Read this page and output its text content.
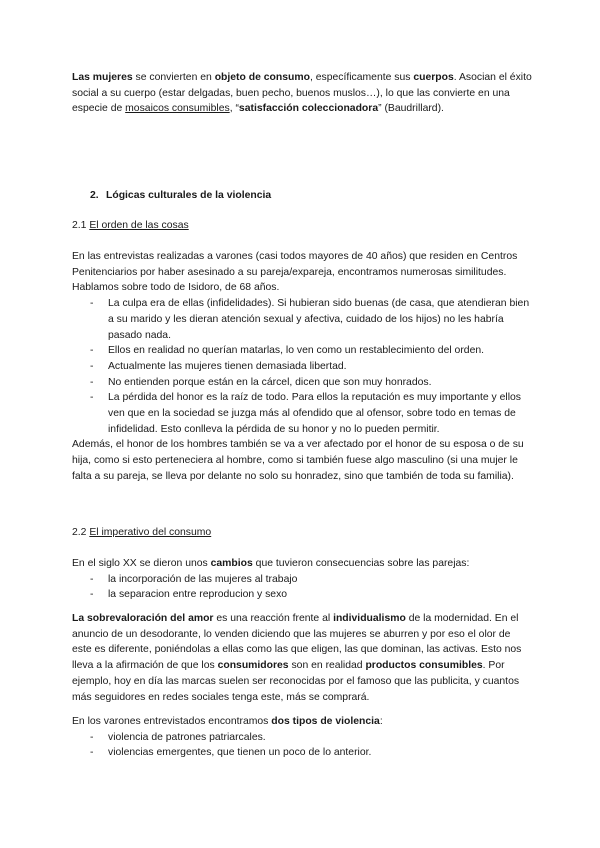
Las mujeres se convierten en objeto de consumo, específicamente sus cuerpos. Asocian el éxito social a su cuerpo (estar delgadas, buen pecho, buenos muslos…), lo que las convierte en una especie de mosaicos consumibles, “satisfacción coleccionadora” (Baudrillard).

2. Lógicas culturales de la violencia

2.1 El orden de las cosas

En las entrevistas realizadas a varones (casi todos mayores de 40 años) que residen en Centros Penitenciarios por haber asesinado a su pareja/expareja, encontramos numerosas similitudes. Hablamos sobre todo de Isidoro, de 68 años.

- La culpa era de ellas (infidelidades). Si hubieran sido buenas (de casa, que atendieran bien a su marido y les dieran atención sexual y afectiva, cuidado de los hijos) no les habría pasado nada.
- Ellos en realidad no querían matarlas, lo ven como un restablecimiento del orden.
- Actualmente las mujeres tienen demasiada libertad.
- No entienden porque están en la cárcel, dicen que son muy honrados.
- La pérdida del honor es la raíz de todo. Para ellos la reputación es muy importante y ellos ven que en la sociedad se juzga más al ofendido que al ofensor, sobre todo en temas de infidelidad. Esto conlleva la pérdida de su honor y no lo pueden permitir.

Además, el honor de los hombres también se va a ver afectado por el honor de su esposa o de su hija, como si esto perteneciera al hombre, como si también fuese algo masculino (si una mujer le falta a su pareja, se lleva por delante no solo su honradez, sino que también de toda su familia).

2.2 El imperativo del consumo

En el siglo XX se dieron unos cambios que tuvieron consecuencias sobre las parejas:

- la incorporación de las mujeres al trabajo
- la separacion entre reproducion y sexo

La sobrevaloración del amor es una reacción frente al individualismo de la modernidad. En el anuncio de un desodorante, lo venden diciendo que las mujeres se aburren y por eso el olor de este es diferente, poniéndolas a ellas como las que eligen, las que dominan, las activas. Esto nos lleva a la afirmación de que los consumidores son en realidad productos consumibles. Por ejemplo, hoy en día las marcas suelen ser reconocidas por el famoso que las publicita, y cuantos más seguidores en redes sociales tenga este, más se comprará.

En los varones entrevistados encontramos dos tipos de violencia:

- violencia de patrones patriarcales.
- violencias emergentes, que tienen un poco de lo anterior.
